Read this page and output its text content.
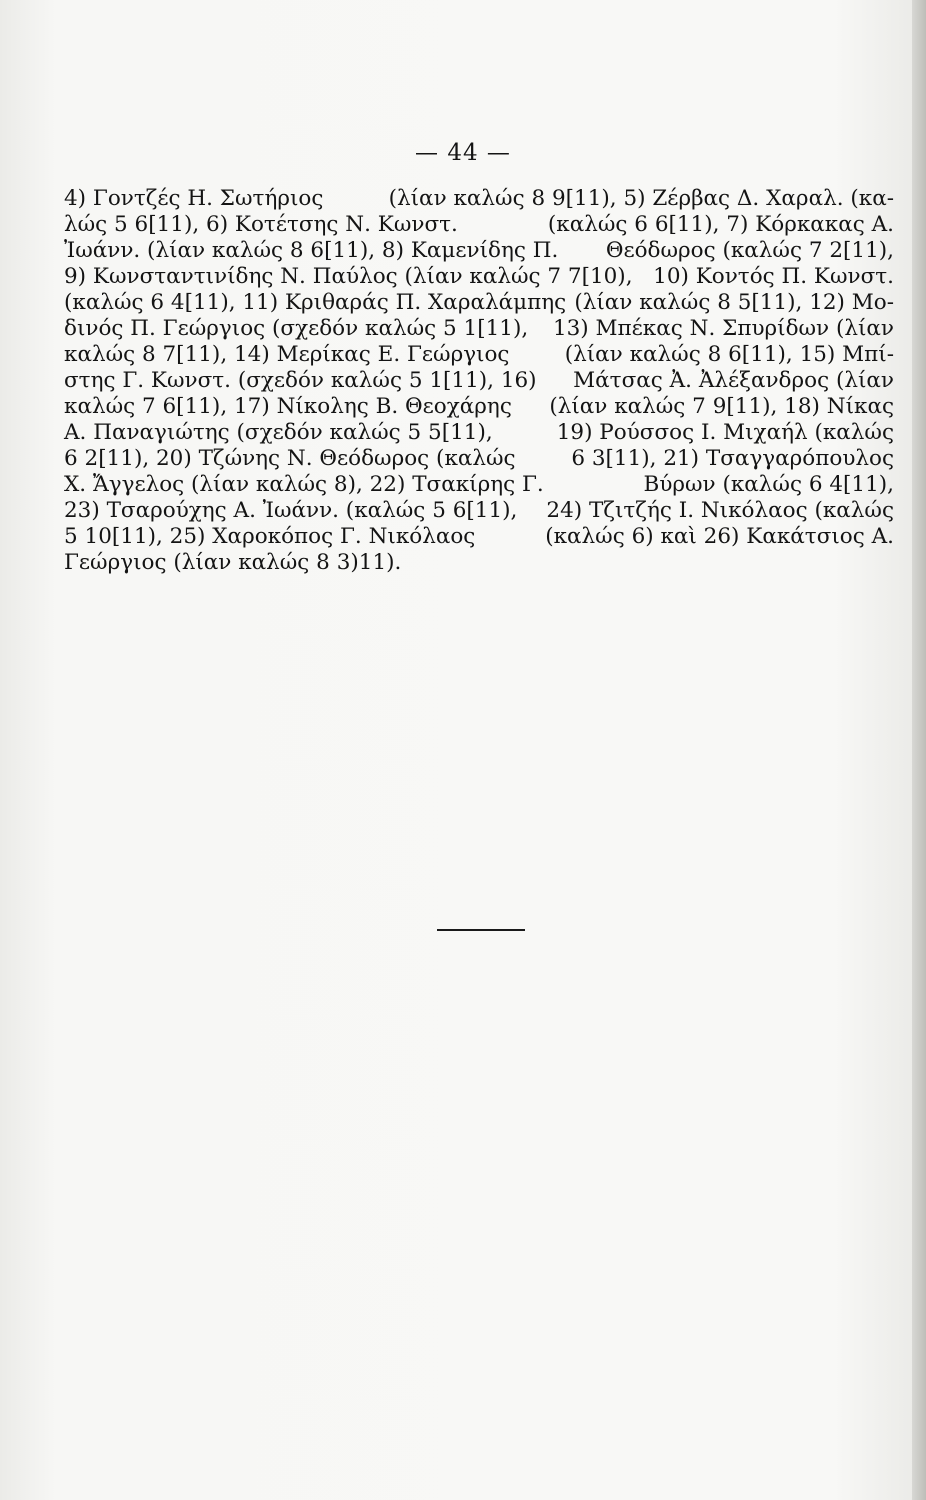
— 44 —
4) Γοντζές Η. Σωτήριος	(λίαν καλώς 8 9[11), 5) Ζέρβας Δ. Χαραλ. (κα-
λώς 5 6[11), 6) Κοτέτσης Ν. Κωνστ.	(καλώς 6 6[11), 7) Κόρκακας Α.
Ἰωάνν. (λίαν καλώς 8 6[11), 8) Καμενίδης Π. Θεόδωρος (καλώς 7 2[11),
9) Κωνσταντινίδης Ν. Παύλος (λίαν καλώς 7 7[10), 10) Κοντός Π. Κωνστ.
(καλώς 6 4[11), 11) Κριθαράς Π. Χαραλάμπης (λίαν καλώς 8 5[11), 12) Μο-
δινός Π. Γεώργιος (σχεδόν καλώς 5 1[11), 13) Μπέκας Ν. Σπυρίδων (λίαν
καλώς 8 7[11), 14) Μερίκας Ε. Γεώργιος	(λίαν καλώς 8 6[11), 15) Μπί-
στης Γ. Κωνστ. (σχεδόν καλώς 5 1[11), 16) Μάτσας Ἀ. Ἀλέξανδρος (λίαν
καλώς 7 6[11), 17) Νίκολης Β. Θεοχάρης (λίαν καλώς 7 9[11), 18) Νίκας
Α. Παναγιώτης (σχεδόν καλώς 5 5[11),	19) Ρούσσος Ι. Μιχαήλ (καλώς
6 2[11), 20) Τζώνης Ν. Θεόδωρος (καλώς	6 3[11), 21) Τσαγγαρόπουλος
Χ. Ἄγγελος (λίαν καλώς 8), 22) Τσακίρης Γ.	Βύρων (καλώς 6 4[11),
23) Τσαρούχης Α. Ἰωάνν. (καλώς 5 6[11), 24) Τζιτζής Ι. Νικόλαος (καλώς
5 10[11), 25) Χαροκόπος Γ. Νικόλαος	(καλώς 6) καὶ 26) Κακάτσιος Α.
Γεώργιος (λίαν καλώς 8 3)11).
